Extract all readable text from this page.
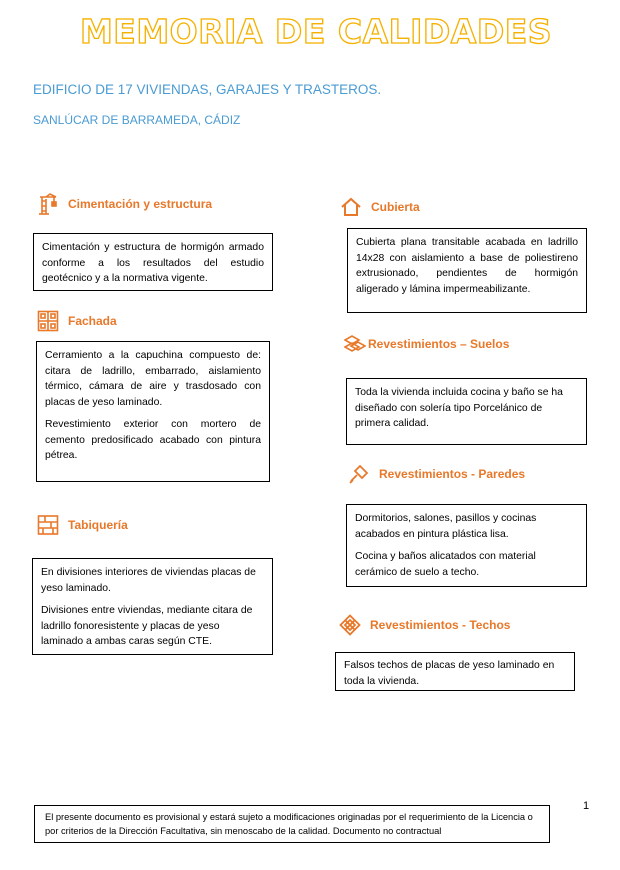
MEMORIA DE CALIDADES
EDIFICIO DE 17 VIVIENDAS, GARAJES Y TRASTEROS.
SANLÚCAR DE BARRAMEDA, CÁDIZ
Cimentación y estructura

Cimentación y estructura de hormigón armado conforme a los resultados del estudio geotécnico y a la normativa vigente.

Fachada

Cerramiento a la capuchina compuesto de: citara de ladrillo, embarrado, aislamiento térmico, cámara de aire y trasdosado con placas de yeso laminado.

Revestimiento exterior con mortero de cemento predosificado acabado con pintura pétrea.

Tabiquería

En divisiones interiores de viviendas placas de yeso laminado.

Divisiones entre viviendas, mediante citara de ladrillo fonoresistente y placas de yeso laminado a ambas caras según CTE.

Cubierta

Cubierta plana transitable acabada en ladrillo 14x28 con aislamiento a base de poliestireno extrusionado, pendientes de hormigón aligerado y lámina impermeabilizante.

Revestimientos – Suelos

Toda la vivienda incluida cocina y baño se ha diseñado con solería tipo Porcelánico de primera calidad.

Revestimientos - Paredes

Dormitorios, salones, pasillos y cocinas acabados en pintura plástica lisa.

Cocina y baños alicatados con material cerámico de suelo a techo.

Revestimientos - Techos

Falsos techos de placas de yeso laminado en toda la vivienda.

1
El presente documento es provisional y estará sujeto a modificaciones originadas por el requerimiento de la Licencia o por criterios de la Dirección Facultativa, sin menoscabo de la calidad. Documento no contractual
